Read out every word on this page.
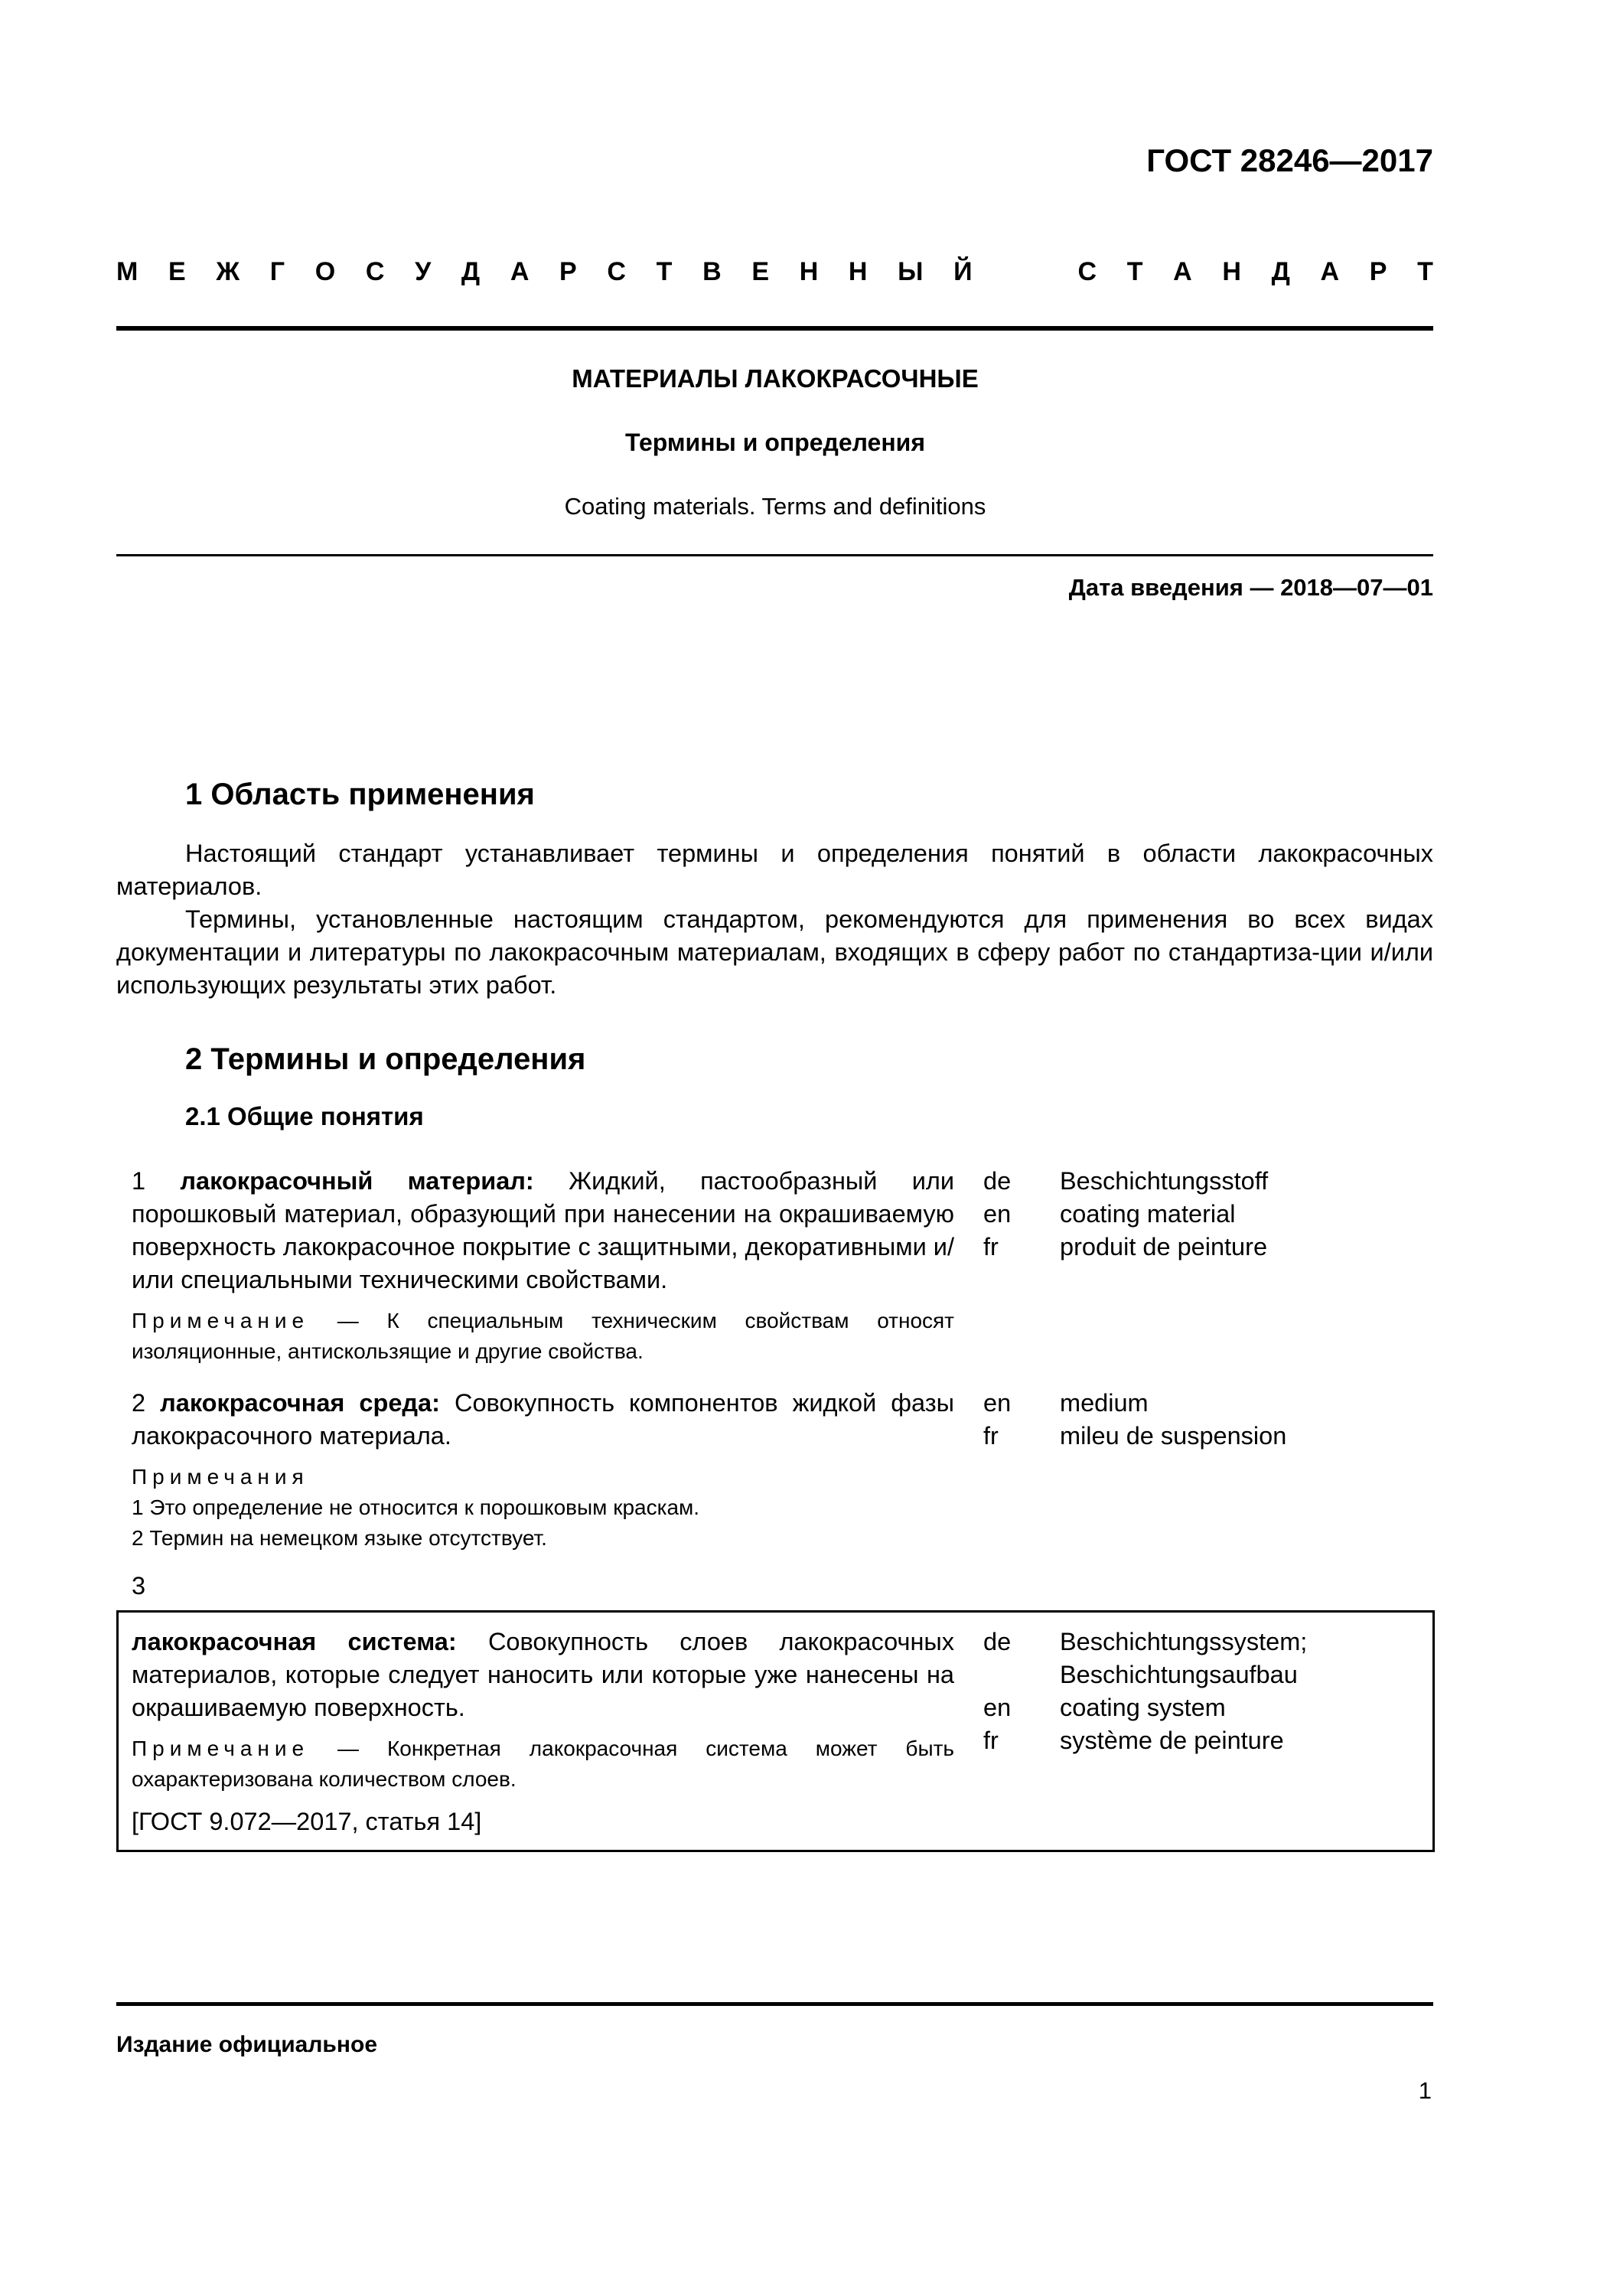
ГОСТ 28246—2017
М Е Ж Г О С У Д А Р С Т В Е Н Н Ы Й

	С Т А Н Д А Р Т
МАТЕРИАЛЫ ЛАКОКРАСОЧНЫЕ
Термины и определения
Coating materials. Terms and definitions
Дата введения — 2018—07—01
1 Область применения
Настоящий стандарт устанавливает термины и определения понятий в области лакокрасочных материалов.
Термины, установленные настоящим стандартом, рекомендуются для применения во всех видах документации и литературы по лакокрасочным материалам, входящих в сферу работ по стандартиза-ции и/или использующих результаты этих работ.
2 Термины и определения
2.1 Общие понятия
1 лакокрасочный материал: Жидкий, пастообразный или порошковый материал, образующий при нанесении на окрашиваемую поверхность лакокрасочное покрытие с защитными, декоративными и/или специальными техническими свойствами.
Примечание — К специальным техническим свойствам относят изоляционные, антискользящие и другие свойства.
de	Beschichtungsstoff
en	coating material
fr	produit de peinture
2 лакокрасочная среда: Совокупность компонентов жидкой фазы лакокрасочного материала.
Примечания
1 Это определение не относится к порошковым краскам.
2 Термин на немецком языке отсутствует.
en	medium
fr	mileu de suspension
3
лакокрасочная система: Совокупность слоев лакокрасочных материалов, которые следует наносить или которые уже нанесены на окрашиваемую поверхность.
Примечание — Конкретная лакокрасочная система может быть охарактеризована количеством слоев.
[ГОСТ 9.072—2017, статья 14]
de	Beschichtungssystem;
Beschichtungsaufbau
en	coating system
fr	système de peinture
Издание официальное
1
